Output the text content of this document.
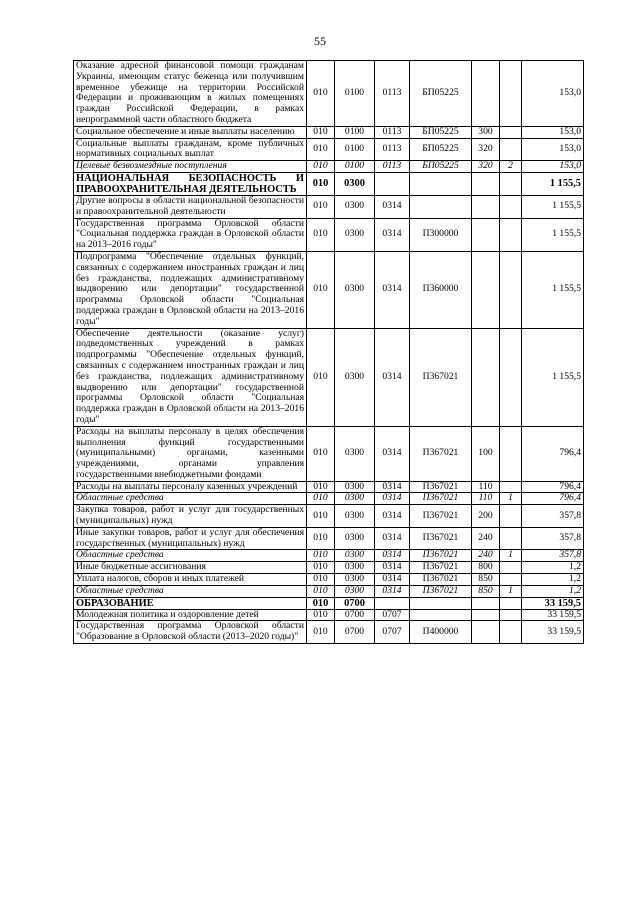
55
Оказание адресной финансовой помощи гражданам Украины, имеющим статус беженца или получившим временное убежище на территории Российской Федерации и проживающим в жилых помещениях граждан Российской Федерации, в рамках непрограммной части областного бюджета	010	0100	0113	БП05225			153,0
Социальное обеспечение и иные выплаты населению	010	0100	0113	БП05225	300		153,0
Социальные выплаты гражданам, кроме публичных нормативных социальных выплат	010	0100	0113	БП05225	320		153,0
Целевые безвозмездные поступления	010	0100	0113	БП05225	320	2	153,0
НАЦИОНАЛЬНАЯ БЕЗОПАСНОСТЬ И ПРАВООХРАНИТЕЛЬНАЯ ДЕЯТЕЛЬНОСТЬ	010	0300					1 155,5
Другие вопросы в области национальной безопасности и правоохранительной деятельности	010	0300	0314				1 155,5
Государственная программа Орловской области "Социальная поддержка граждан в Орловской области на 2013–2016 годы"	010	0300	0314	П300000			1 155,5
Подпрограмма "Обеспечение отдельных функций, связанных с содержанием иностранных граждан и лиц без гражданства, подлежащих административному выдворению или депортации" государственной программы Орловской области "Социальная поддержка граждан в Орловской области на 2013–2016 годы"	010	0300	0314	П360000			1 155,5
Обеспечение деятельности (оказание услуг) подведомственных учреждений в рамках подпрограммы "Обеспечение отдельных функций, связанных с содержанием иностранных граждан и лиц без гражданства, подлежащих административному выдворению или депортации" государственной программы Орловской области "Социальная поддержка граждан в Орловской области на 2013–2016 годы"	010	0300	0314	П367021			1 155,5
Расходы на выплаты персоналу в целях обеспечения выполнения функций государственными (муниципальными) органами, казенными учреждениями, органами управления государственными внебюджетными фондами	010	0300	0314	П367021	100		796,4
Расходы на выплаты персоналу казенных учреждений	010	0300	0314	П367021	110		796,4
Областные средства	010	0300	0314	П367021	110	1	796,4
Закупка товаров, работ и услуг для государственных (муниципальных) нужд	010	0300	0314	П367021	200		357,8
Иные закупки товаров, работ и услуг для обеспечения государственных (муниципальных) нужд	010	0300	0314	П367021	240		357,8
Областные средства	010	0300	0314	П367021	240	1	357,8
Иные бюджетные ассигнования	010	0300	0314	П367021	800		1,2
Уплата налогов, сборов и иных платежей	010	0300	0314	П367021	850		1,2
Областные средства	010	0300	0314	П367021	850	1	1,2
ОБРАЗОВАНИЕ	010	0700					33 159,5
Молодежная политика и оздоровление детей	010	0700	0707				33 159,5
Государственная программа Орловской области "Образование в Орловской области (2013–2020 годы)"	010	0700	0707	П400000			33 159,5
